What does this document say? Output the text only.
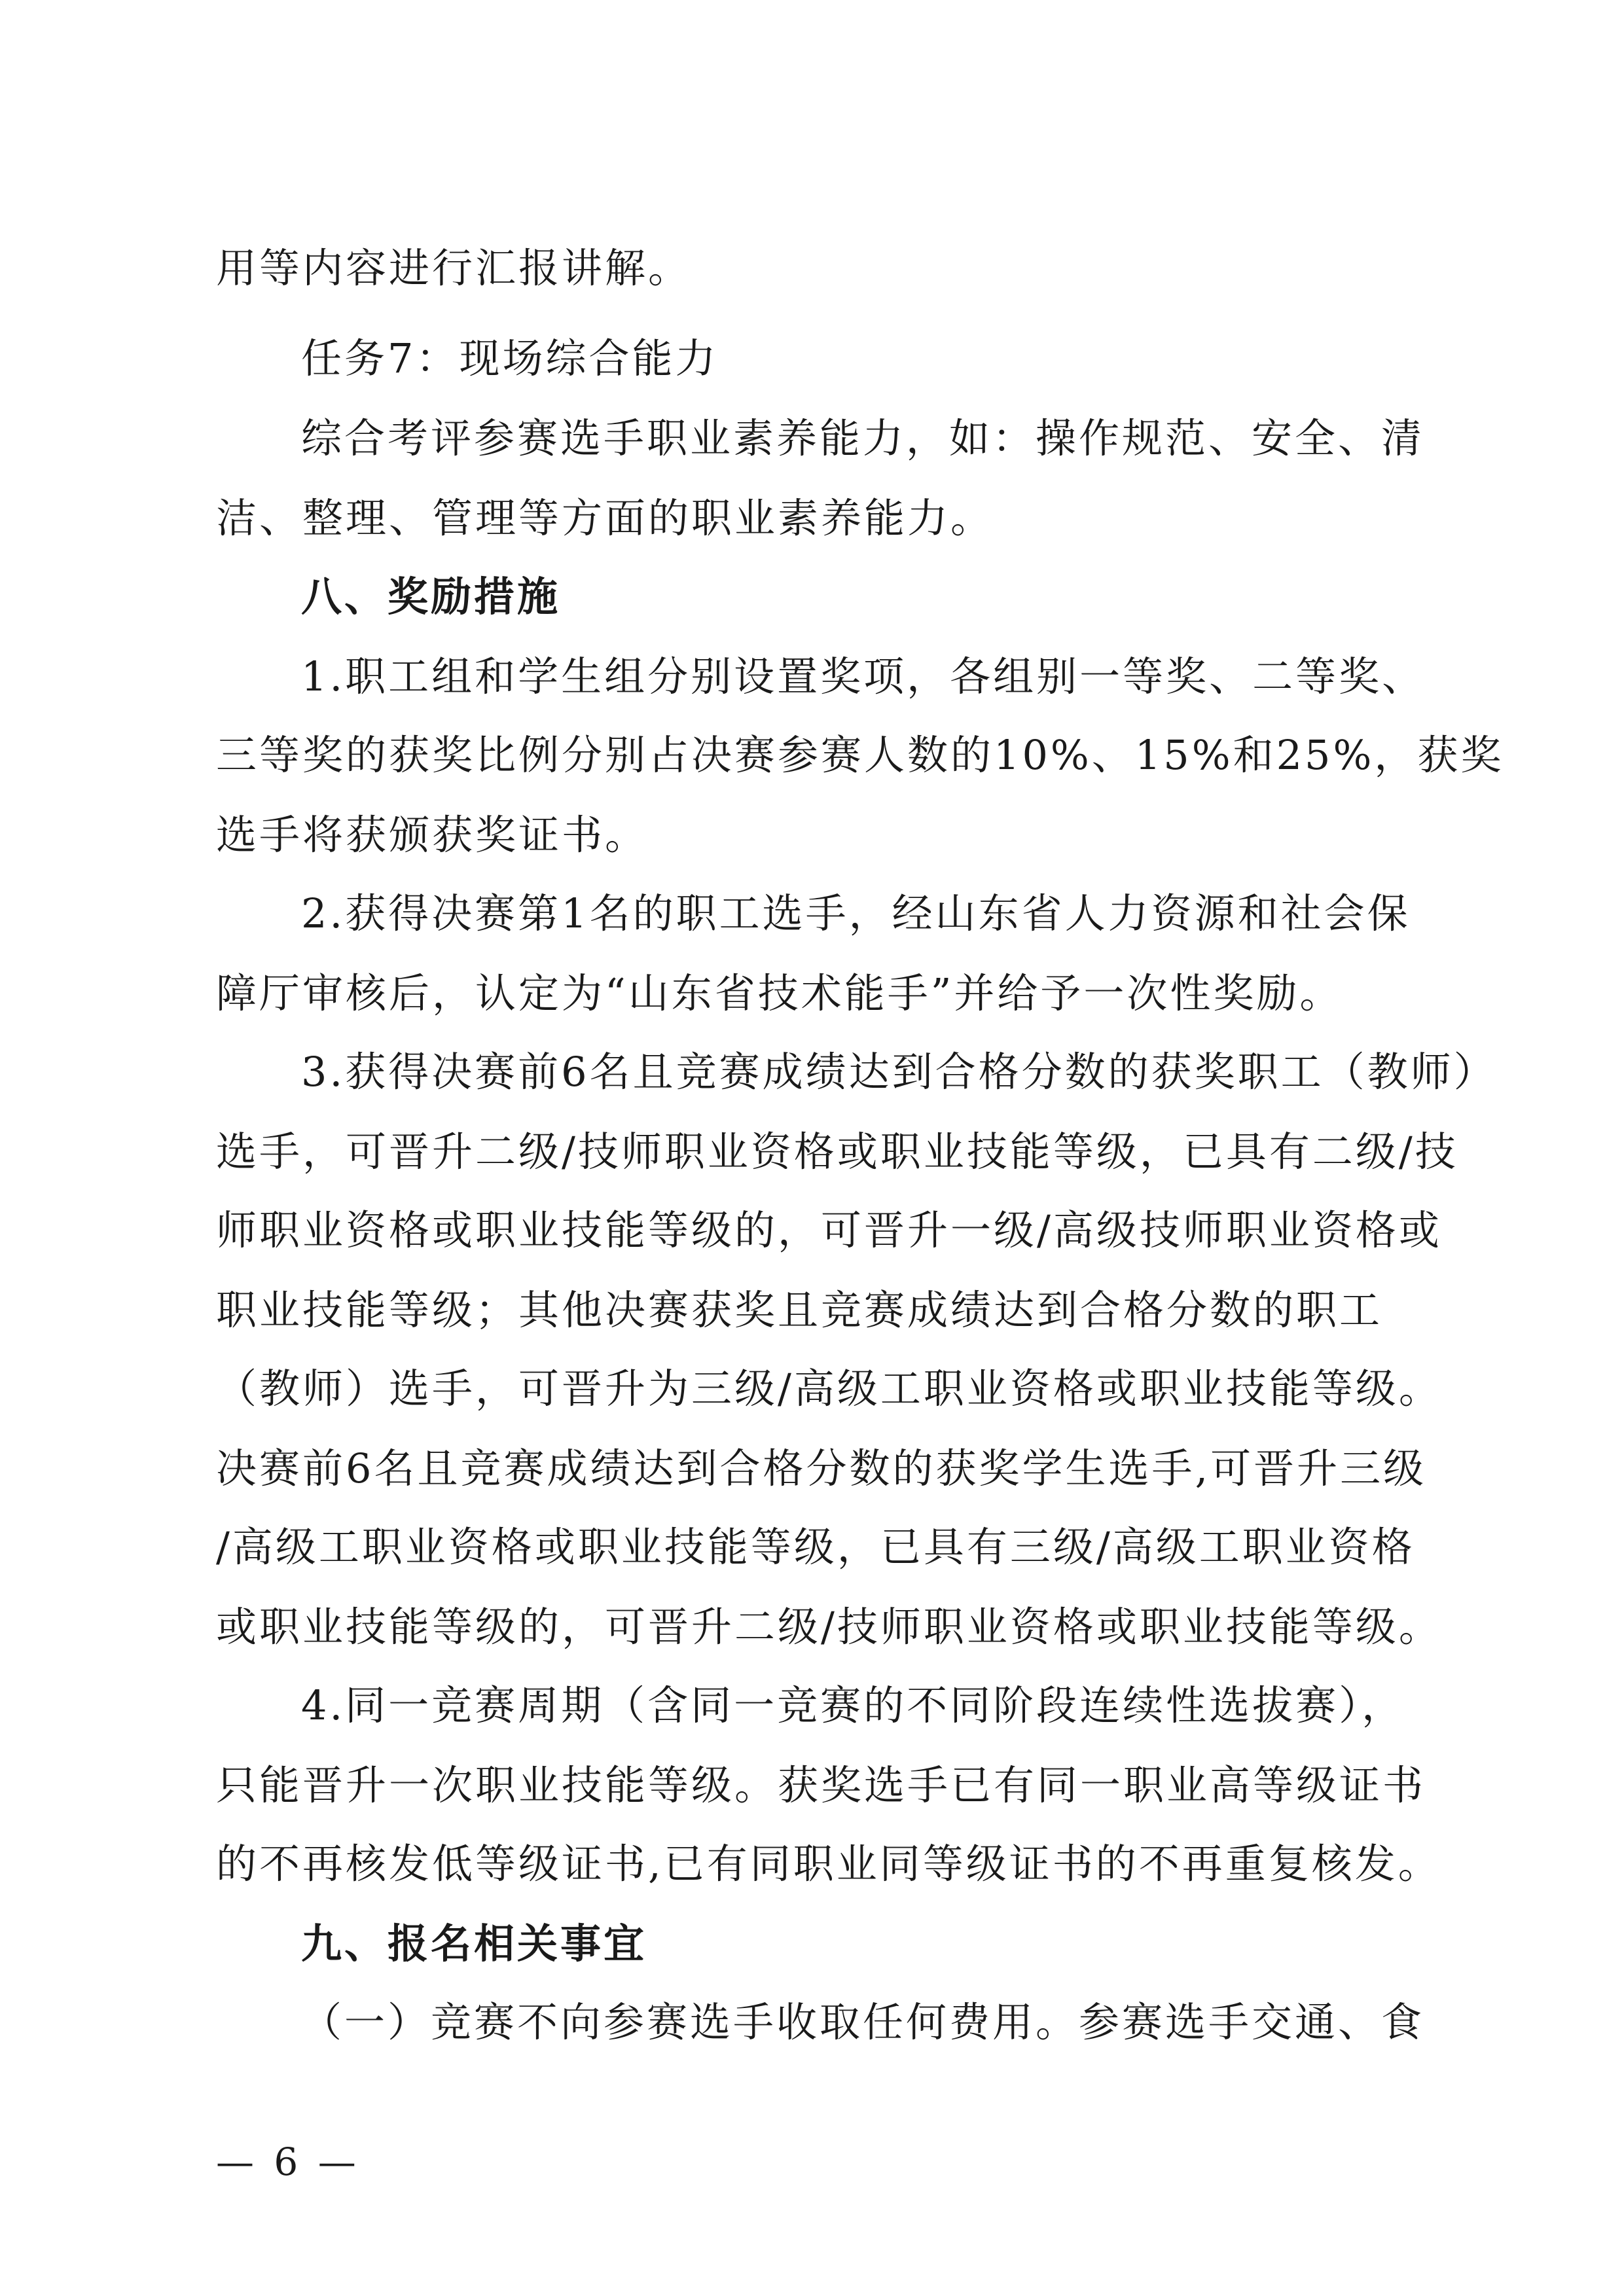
用等内容进行汇报讲解。
任务7：现场综合能力
综合考评参赛选手职业素养能力，如：操作规范、安全、清
洁、整理、管理等方面的职业素养能力。
八、奖励措施
1.职工组和学生组分别设置奖项，各组别一等奖、二等奖、
三等奖的获奖比例分别占决赛参赛人数的10%、15%和25%，获奖
选手将获颁获奖证书。
2.获得决赛第1名的职工选手，经山东省人力资源和社会保
障厅审核后，认定为“山东省技术能手”并给予一次性奖励。
3.获得决赛前6名且竞赛成绩达到合格分数的获奖职工（教师）
选手，可晋升二级/技师职业资格或职业技能等级，已具有二级/技
师职业资格或职业技能等级的，可晋升一级/高级技师职业资格或
职业技能等级；其他决赛获奖且竞赛成绩达到合格分数的职工
（教师）选手，可晋升为三级/高级工职业资格或职业技能等级。
决赛前6名且竞赛成绩达到合格分数的获奖学生选手,可晋升三级
/高级工职业资格或职业技能等级，已具有三级/高级工职业资格
或职业技能等级的，可晋升二级/技师职业资格或职业技能等级。
4.同一竞赛周期（含同一竞赛的不同阶段连续性选拔赛），
只能晋升一次职业技能等级。获奖选手已有同一职业高等级证书
的不再核发低等级证书,已有同职业同等级证书的不再重复核发。
九、报名相关事宜
（一）竞赛不向参赛选手收取任何费用。参赛选手交通、食
— 6 —
